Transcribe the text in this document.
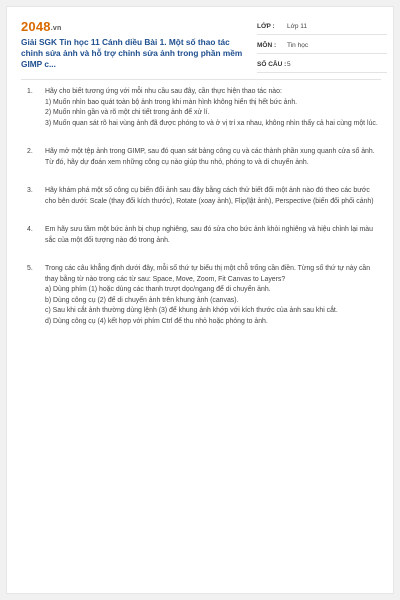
2048.vn
Giải SGK Tin học 11 Cánh diều Bài 1. Một số thao tác chỉnh sửa ảnh và hỗ trợ chỉnh sửa ảnh trong phần mềm GIMP c...
LỚP :	Lớp 11
MÔN :	Tin học
SỐ CÂU : 5
1.	Hãy cho biết tương ứng với mỗi nhu cầu sau đây, cần thực hiện thao tác nào:

1) Muốn nhìn bao quát toàn bộ ảnh trong khi màn hình không hiển thị hết bức ảnh.

2) Muốn nhìn gần và rõ một chi tiết trong ảnh để xử lí.

3) Muốn quan sát rõ hai vùng ảnh đã được phóng to và ở vị trí xa nhau, không nhìn thấy cả hai cùng một lúc.

2.	Hãy mở một tệp ảnh trong GIMP, sau đó quan sát bảng công cụ và các thành phần xung quanh cửa sổ ảnh. Từ đó, hãy dự đoán xem những công cụ nào giúp thu nhỏ, phóng to và di chuyển ảnh.

3.	Hãy khám phá một số công cụ biến đổi ảnh sau đây bằng cách thử biết đổi một ảnh nào đó theo các bước cho bên dưới: Scale (thay đổi kích thước), Rotate (xoay ảnh), Flip(lật ảnh), Perspective (biến đổi phối cảnh)

4.	Em hãy sưu tầm một bức ảnh bị chụp nghiêng, sau đó sửa cho bức ảnh khỏi nghiêng và hiệu chỉnh lại màu sắc của một đối tượng nào đó trong ảnh.

5.	Trong các câu khẳng định dưới đây, mỗi số thứ tự biểu thị một chỗ trống cần điền. Từng số thứ tự này cần thay bằng từ nào trong các từ sau: Space, Move, Zoom, Fit Canvas to Layers?

a) Dùng phím (1) hoặc dùng các thanh trượt dọc/ngang để di chuyển ảnh.

b) Dùng công cụ (2) để di chuyển ảnh trên khung ảnh (canvas).

c) Sau khi cắt ảnh thường dùng lệnh (3) để khung ảnh khớp với kích thước của ảnh sau khi cắt.

d) Dùng công cụ (4) kết hợp với phím Ctrl để thu nhỏ hoặc phóng to ảnh.
